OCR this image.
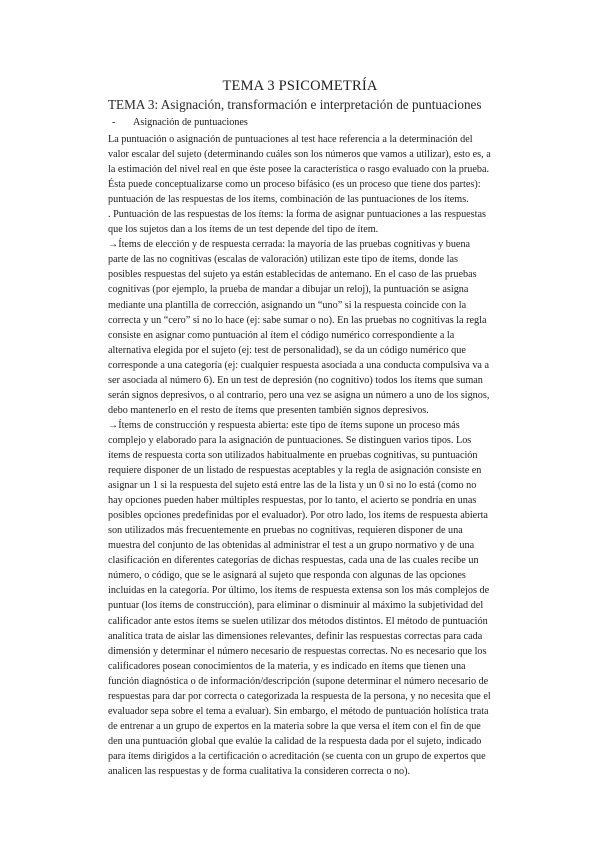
TEMA 3 PSICOMETRÍA
TEMA 3: Asignación, transformación e interpretación de puntuaciones
- Asignación de puntuaciones
La puntuación o asignación de puntuaciones al test hace referencia a la determinación del
valor escalar del sujeto (determinando cuáles son los números que vamos a utilizar), esto es, a
la estimación del nivel real en que éste posee la característica o rasgo evaluado con la prueba.
Ésta puede conceptualizarse como un proceso bifásico (es un proceso que tiene dos partes):
puntuación de las respuestas de los ítems, combinación de las puntuaciones de los ítems.
. Puntuación de las respuestas de los ítems: la forma de asignar puntuaciones a las respuestas
que los sujetos dan a los ítems de un test depende del tipo de ítem.
→Ítems de elección y de respuesta cerrada: la mayoría de las pruebas cognitivas y buena
parte de las no cognitivas (escalas de valoración) utilizan este tipo de ítems, donde las
posibles respuestas del sujeto ya están establecidas de antemano. En el caso de las pruebas
cognitivas (por ejemplo, la prueba de mandar a dibujar un reloj), la puntuación se asigna
mediante una plantilla de corrección, asignando un “uno” si la respuesta coincide con la
correcta y un “cero” si no lo hace (ej: sabe sumar o no). En las pruebas no cognitivas la regla
consiste en asignar como puntuación al ítem el código numérico correspondiente a la
alternativa elegida por el sujeto (ej: test de personalidad), se da un código numérico que
corresponde a una categoría (ej: cualquier respuesta asociada a una conducta compulsiva va a
ser asociada al número 6). En un test de depresión (no cognitivo) todos los ítems que suman
serán signos depresivos, o al contrario, pero una vez se asigna un número a uno de los signos,
debo mantenerlo en el resto de ítems que presenten también signos depresivos.
→Ítems de construcción y respuesta abierta: este tipo de ítems supone un proceso más
complejo y elaborado para la asignación de puntuaciones. Se distinguen varios tipos. Los
ítems de respuesta corta son utilizados habitualmente en pruebas cognitivas, su puntuación
requiere disponer de un listado de respuestas aceptables y la regla de asignación consiste en
asignar un 1 si la respuesta del sujeto está entre las de la lista y un 0 si no lo está (como no
hay opciones pueden haber múltiples respuestas, por lo tanto, el acierto se pondría en unas
posibles opciones predefinidas por el evaluador). Por otro lado, los ítems de respuesta abierta
son utilizados más frecuentemente en pruebas no cognitivas, requieren disponer de una
muestra del conjunto de las obtenidas al administrar el test a un grupo normativo y de una
clasificación en diferentes categorías de dichas respuestas, cada una de las cuales recibe un
número, o código, que se le asignará al sujeto que responda con algunas de las opciones
incluidas en la categoría. Por último, los ítems de respuesta extensa son los más complejos de
puntuar (los ítems de construcción), para eliminar o disminuir al máximo la subjetividad del
calificador ante estos ítems se suelen utilizar dos métodos distintos. El método de puntuación
analítica trata de aislar las dimensiones relevantes, definir las respuestas correctas para cada
dimensión y determinar el número necesario de respuestas correctas. No es necesario que los
calificadores posean conocimientos de la materia, y es indicado en ítems que tienen una
función diagnóstica o de información/descripción (supone determinar el número necesario de
respuestas para dar por correcta o categorizada la respuesta de la persona, y no necesita que el
evaluador sepa sobre el tema a evaluar). Sin embargo, el método de puntuación holística trata
de entrenar a un grupo de expertos en la materia sobre la que versa el ítem con el fin de que
den una puntuación global que evalúe la calidad de la respuesta dada por el sujeto, indicado
para ítems dirigidos a la certificación o acreditación (se cuenta con un grupo de expertos que
analicen las respuestas y de forma cualitativa la consideren correcta o no).
